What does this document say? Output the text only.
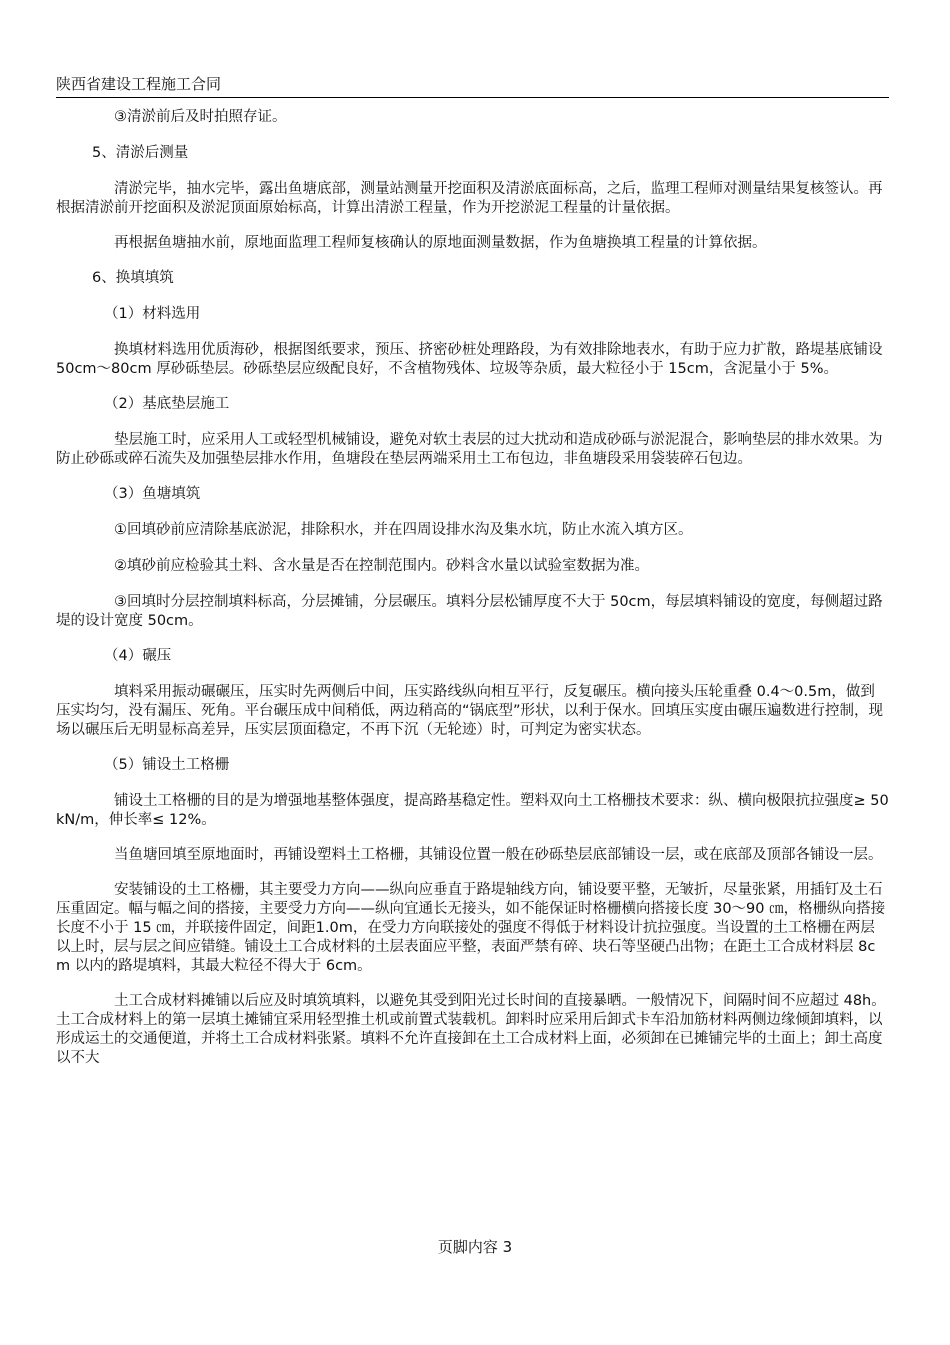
陕西省建设工程施工合同

③清淤前后及时拍照存证。

5、清淤后测量

清淤完毕，抽水完毕，露出鱼塘底部，测量站测量开挖面积及清淤底面标高，之后，监理工程师对测量结果复核签认。再根据清淤前开挖面积及淤泥顶面原始标高，计算出清淤工程量，作为开挖淤泥工程量的计量依据。

再根据鱼塘抽水前，原地面监理工程师复核确认的原地面测量数据，作为鱼塘换填工程量的计算依据。

6、换填填筑

（1）材料选用

换填材料选用优质海砂，根据图纸要求，预压、挤密砂桩处理路段，为有效排除地表水，有助于应力扩散，路堤基底铺设 50cm～80cm 厚砂砾垫层。砂砾垫层应级配良好，不含植物残体、垃圾等杂质，最大粒径小于 15cm，含泥量小于 5%。

（2）基底垫层施工

垫层施工时，应采用人工或轻型机械铺设，避免对软土表层的过大扰动和造成砂砾与淤泥混合，影响垫层的排水效果。为防止砂砾或碎石流失及加强垫层排水作用，鱼塘段在垫层两端采用土工布包边，非鱼塘段采用袋装碎石包边。

（3）鱼塘填筑

①回填砂前应清除基底淤泥，排除积水，并在四周设排水沟及集水坑，防止水流入填方区。

②填砂前应检验其土料、含水量是否在控制范围内。砂料含水量以试验室数据为准。

③回填时分层控制填料标高，分层摊铺，分层碾压。填料分层松铺厚度不大于 50cm，每层填料铺设的宽度，每侧超过路堤的设计宽度 50cm。

（4）碾压

填料采用振动碾碾压，压实时先两侧后中间，压实路线纵向相互平行，反复碾压。横向接头压轮重叠 0.4～0.5m，做到压实均匀，没有漏压、死角。平台碾压成中间稍低，两边稍高的“锅底型”形状，以利于保水。回填压实度由碾压遍数进行控制，现场以碾压后无明显标高差异，压实层顶面稳定，不再下沉（无轮迹）时，可判定为密实状态。

（5）铺设土工格栅

铺设土工格栅的目的是为增强地基整体强度，提高路基稳定性。塑料双向土工格栅技术要求：纵、横向极限抗拉强度≥ 50kN/m，伸长率≤ 12%。

当鱼塘回填至原地面时，再铺设塑料土工格栅，其铺设位置一般在砂砾垫层底部铺设一层，或在底部及顶部各铺设一层。

安装铺设的土工格栅，其主要受力方向——纵向应垂直于路堤轴线方向，铺设要平整，无皱折，尽量张紧，用插钉及土石压重固定。幅与幅之间的搭接，主要受力方向——纵向宜通长无接头，如不能保证时格栅横向搭接长度 30～90 ㎝，格栅纵向搭接长度不小于 15 ㎝，并联接件固定，间距1.0m，在受力方向联接处的强度不得低于材料设计抗拉强度。当设置的土工格栅在两层以上时，层与层之间应错缝。铺设土工合成材料的土层表面应平整，表面严禁有碎、块石等坚硬凸出物；在距土工合成材料层 8cm 以内的路堤填料，其最大粒径不得大于 6cm。

土工合成材料摊铺以后应及时填筑填料，以避免其受到阳光过长时间的直接暴晒。一般情况下，间隔时间不应超过 48h。土工合成材料上的第一层填土摊铺宜采用轻型推土机或前置式装载机。卸料时应采用后卸式卡车沿加筋材料两侧边缘倾卸填料，以形成运土的交通便道，并将土工合成材料张紧。填料不允许直接卸在土工合成材料上面，必须卸在已摊铺完毕的土面上；卸土高度以不大

页脚内容 3
